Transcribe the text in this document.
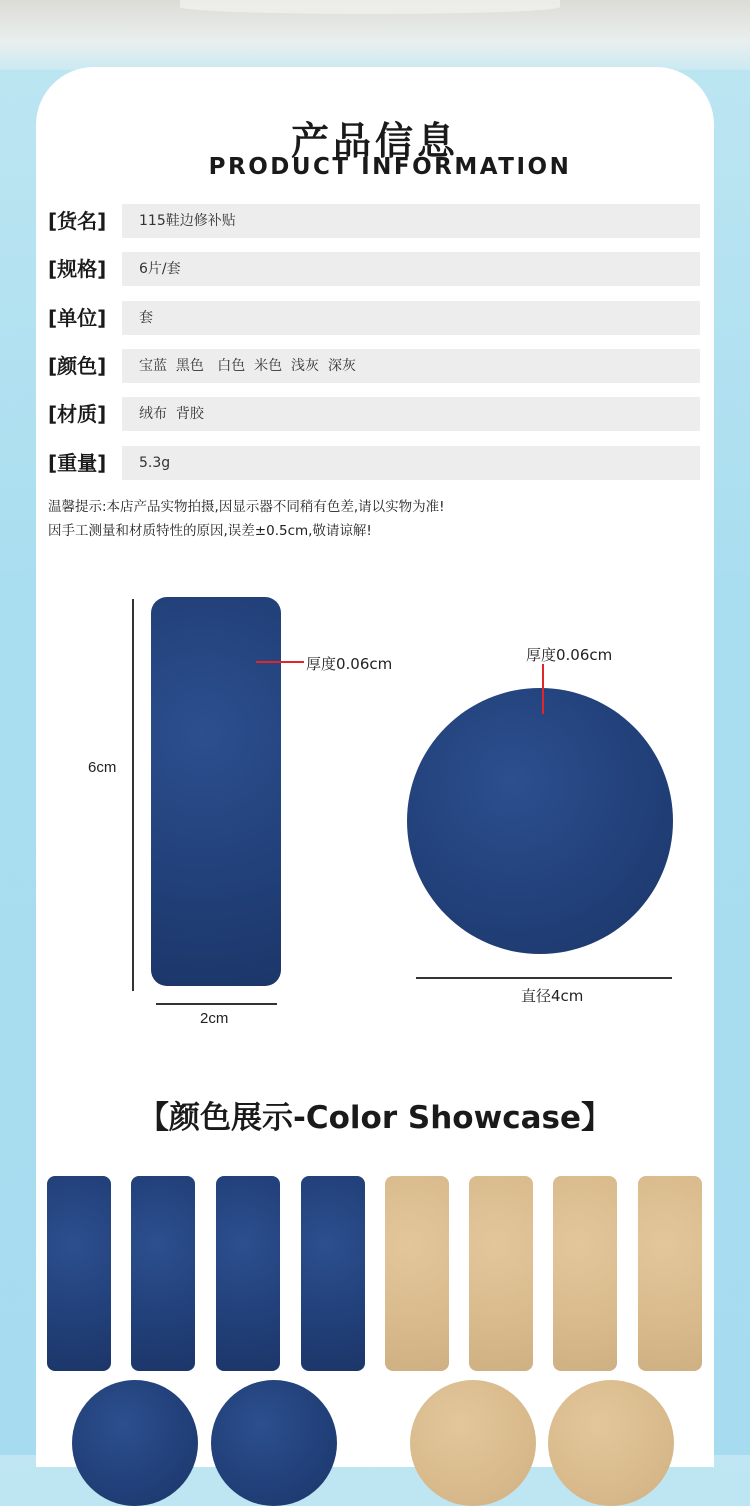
产品信息
PRODUCT INFORMATION
[货名]	115鞋边修补贴
[规格]	6片/套
[单位]	套
[颜色]	宝蓝  黑色   白色  米色  浅灰  深灰
[材质]	绒布  背胶
[重量]	5.3g
温馨提示:本店产品实物拍摄,因显示器不同稍有色差,请以实物为准!
因手工测量和材质特性的原因,误差±0.5cm,敬请谅解!
6cm
2cm
厚度0.06cm	厚度0.06cm
直径4cm
【颜色展示-Color Showcase】
